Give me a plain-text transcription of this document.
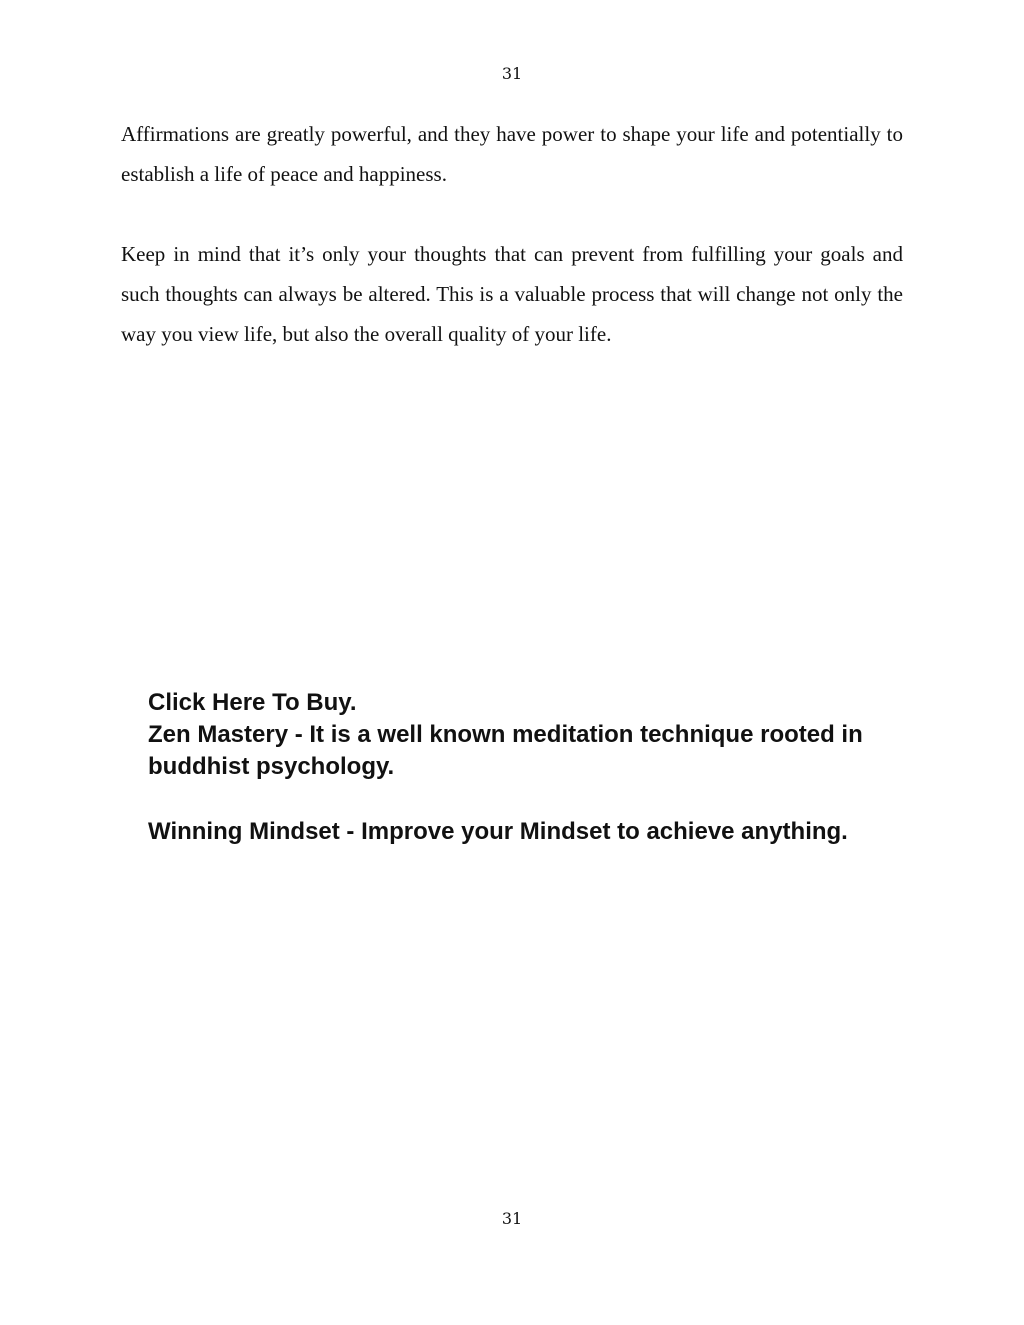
31

Affirmations are greatly powerful, and they have power to shape your life and potentially to establish a life of peace and happiness.

Keep in mind that it’s only your thoughts that can prevent from fulfilling your goals and such thoughts can always be altered. This is a valuable process that will change not only the way you view life, but also the overall quality of your life.

Click Here To Buy.

Zen Mastery - It is a well known meditation technique rooted in buddhist psychology.

Winning Mindset - Improve your Mindset to achieve anything.

31
